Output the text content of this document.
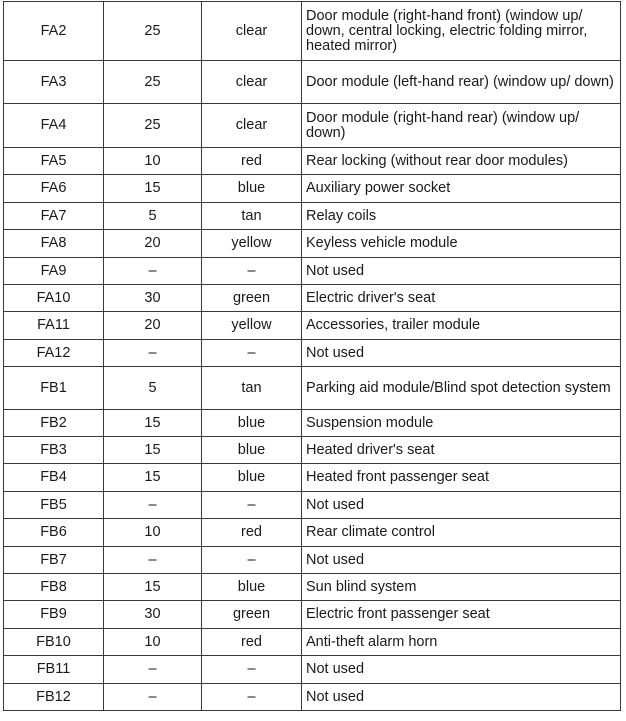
FA2	25	clear	Door module (right-hand front) (window up/ down, central locking, electric folding mirror, heated mirror)
FA3	25	clear	Door module (left-hand rear) (window up/ down)
FA4	25	clear	Door module (right-hand rear) (window up/ down)
FA5	10	red	Rear locking (without rear door modules)
FA6	15	blue	Auxiliary power socket
FA7	5	tan	Relay coils
FA8	20	yellow	Keyless vehicle module
FA9	–	–	Not used
FA10	30	green	Electric driver's seat
FA11	20	yellow	Accessories, trailer module
FA12	–	–	Not used
FB1	5	tan	Parking aid module/Blind spot detection system
FB2	15	blue	Suspension module
FB3	15	blue	Heated driver's seat
FB4	15	blue	Heated front passenger seat
FB5	–	–	Not used
FB6	10	red	Rear climate control
FB7	–	–	Not used
FB8	15	blue	Sun blind system
FB9	30	green	Electric front passenger seat
FB10	10	red	Anti-theft alarm horn
FB11	–	–	Not used
FB12	–	–	Not used
